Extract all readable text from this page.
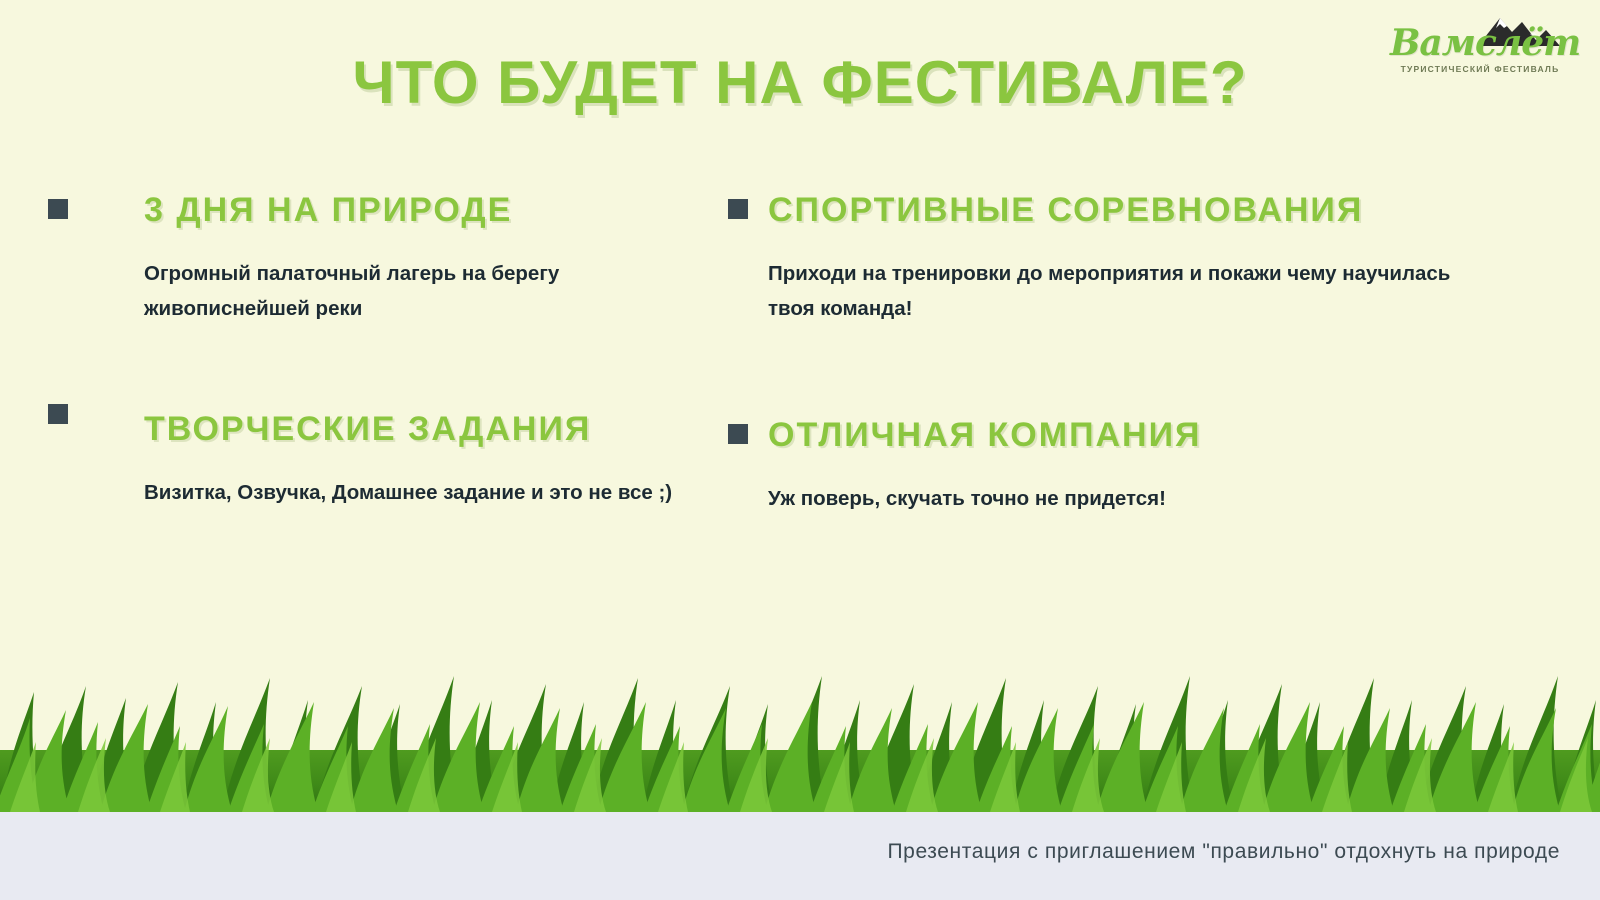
Вамслёт
ТУРИСТИЧЕСКИЙ ФЕСТИВАЛЬ
ЧТО БУДЕТ НА ФЕСТИВАЛЕ?
3 ДНЯ НА ПРИРОДЕ
Огромный палаточный лагерь на берегу живописнейшей реки
СПОРТИВНЫЕ СОРЕВНОВАНИЯ
Приходи на тренировки до мероприятия и покажи чему научилась твоя команда!
ТВОРЧЕСКИЕ ЗАДАНИЯ
Визитка, Озвучка, Домашнее задание и это не все ;)
ОТЛИЧНАЯ КОМПАНИЯ
Уж поверь, скучать точно не придется!
Презентация с приглашением "правильно" отдохнуть на природе
